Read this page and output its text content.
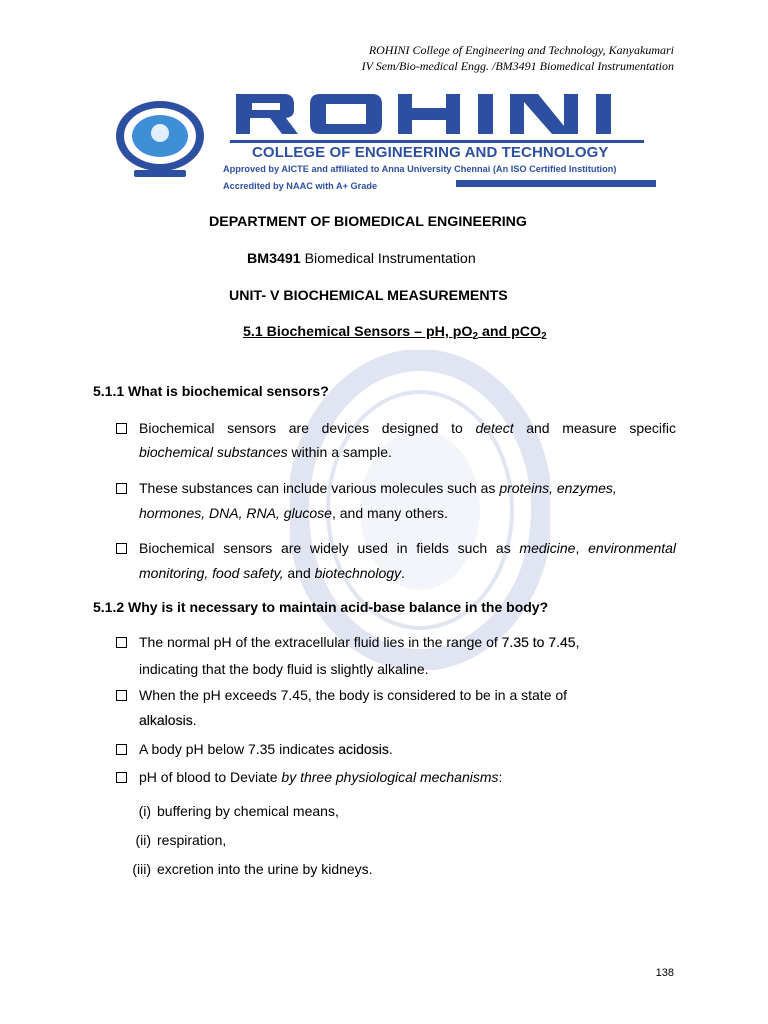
ROHINI College of Engineering and Technology, Kanyakumari
IV Sem/Bio-medical Engg. /BM3491 Biomedical Instrumentation
COLLEGE OF ENGINEERING AND TECHNOLOGY
Approved by AICTE and affiliated to Anna University Chennai (An ISO Certified Institution)
Accredited by NAAC with A+ Grade
DEPARTMENT OF BIOMEDICAL ENGINEERING
BM3491 Biomedical Instrumentation
UNIT- V BIOCHEMICAL MEASUREMENTS
5.1 Biochemical Sensors – pH, $pO_2$ and pCO$_2$
5.1.1 What is biochemical sensors?
Biochemical sensors are devices designed to detect and measure specific
biochemical substances within a sample.
These substances can include various molecules such as proteins, enzymes,
hormones, DNA, RNA, glucose, and many others.
Biochemical sensors are widely used in fields such as medicine, environmental
monitoring, food safety, and biotechnology.
5.1.2 Why is it necessary to maintain acid-base balance in the body?
The normal pH of the extracellular fluid lies in the range of 7.35 to 7.45,
indicating that the body fluid is slightly alkaline.
When the pH exceeds 7.45, the body is considered to be in a state of
alkalosis.
A body pH below 7.35 indicates acidosis.
pH of blood to Deviate by three physiological mechanisms:
(i) buffering by chemical means,
(ii) respiration,
(iii) excretion into the urine by kidneys.
138
